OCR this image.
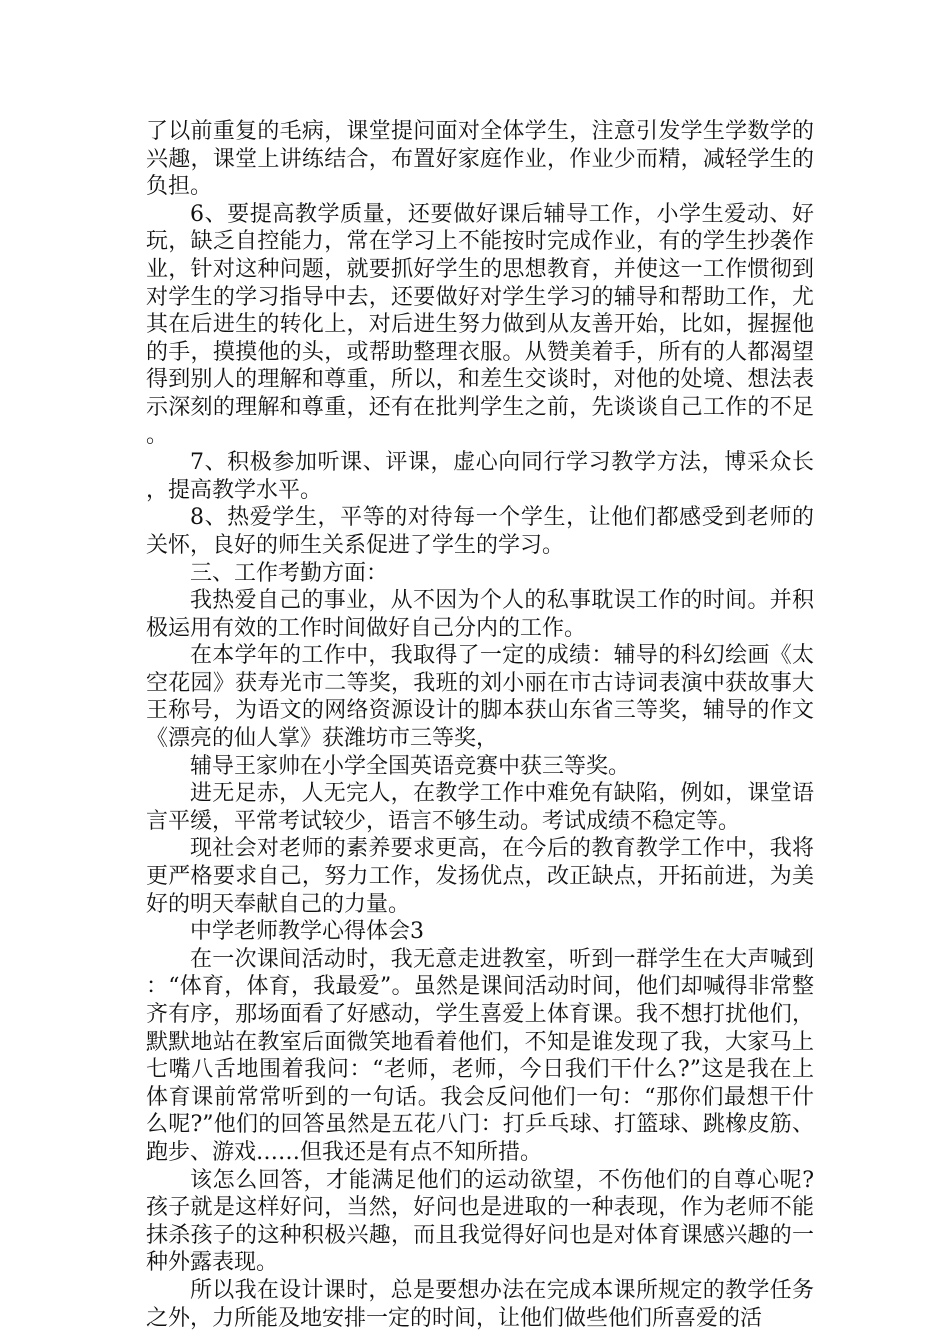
了以前重复的毛病，课堂提问面对全体学生，注意引发学生学数学的兴趣，课堂上讲练结合，布置好家庭作业，作业少而精，减轻学生的负担。

6、要提高教学质量，还要做好课后辅导工作，小学生爱动、好玩，缺乏自控能力，常在学习上不能按时完成作业，有的学生抄袭作业，针对这种问题，就要抓好学生的思想教育，并使这一工作惯彻到对学生的学习指导中去，还要做好对学生学习的辅导和帮助工作，尤其在后进生的转化上，对后进生努力做到从友善开始，比如，握握他的手，摸摸他的头，或帮助整理衣服。从赞美着手，所有的人都渴望得到别人的理解和尊重，所以，和差生交谈时，对他的处境、想法表示深刻的理解和尊重，还有在批判学生之前，先谈谈自己工作的不足。

7、积极参加听课、评课，虚心向同行学习教学方法，博采众长，提高教学水平。

8、热爱学生，平等的对待每一个学生，让他们都感受到老师的关怀，良好的师生关系促进了学生的学习。

三、工作考勤方面：

我热爱自己的事业，从不因为个人的私事耽误工作的时间。并积极运用有效的工作时间做好自己分内的工作。

在本学年的工作中，我取得了一定的成绩：辅导的科幻绘画《太空花园》获寿光市二等奖，我班的刘小丽在市古诗词表演中获故事大王称号，为语文的网络资源设计的脚本获山东省三等奖，辅导的作文《漂亮的仙人掌》获潍坊市三等奖，

辅导王家帅在小学全国英语竞赛中获三等奖。

进无足赤，人无完人，在教学工作中难免有缺陷，例如，课堂语言平缓，平常考试较少，语言不够生动。考试成绩不稳定等。

现社会对老师的素养要求更高，在今后的教育教学工作中，我将更严格要求自己，努力工作，发扬优点，改正缺点，开拓前进，为美好的明天奉献自己的力量。

中学老师教学心得体会3

在一次课间活动时，我无意走进教室，听到一群学生在大声喊到：“体育，体育，我最爱”。虽然是课间活动时间，他们却喊得非常整齐有序，那场面看了好感动，学生喜爱上体育课。我不想打扰他们，默默地站在教室后面微笑地看着他们，不知是谁发现了我，大家马上七嘴八舌地围着我问：“老师，老师，今日我们干什么?”这是我在上体育课前常常听到的一句话。我会反问他们一句：“那你们最想干什么呢?”他们的回答虽然是五花八门：打乒乓球、打篮球、跳橡皮筋、跑步、游戏……但我还是有点不知所措。

该怎么回答，才能满足他们的运动欲望，不伤他们的自尊心呢?孩子就是这样好问，当然，好问也是进取的一种表现，作为老师不能抹杀孩子的这种积极兴趣，而且我觉得好问也是对体育课感兴趣的一种外露表现。

所以我在设计课时，总是要想办法在完成本课所规定的教学任务之外，力所能及地安排一定的时间，让他们做些他们所喜爱的活
